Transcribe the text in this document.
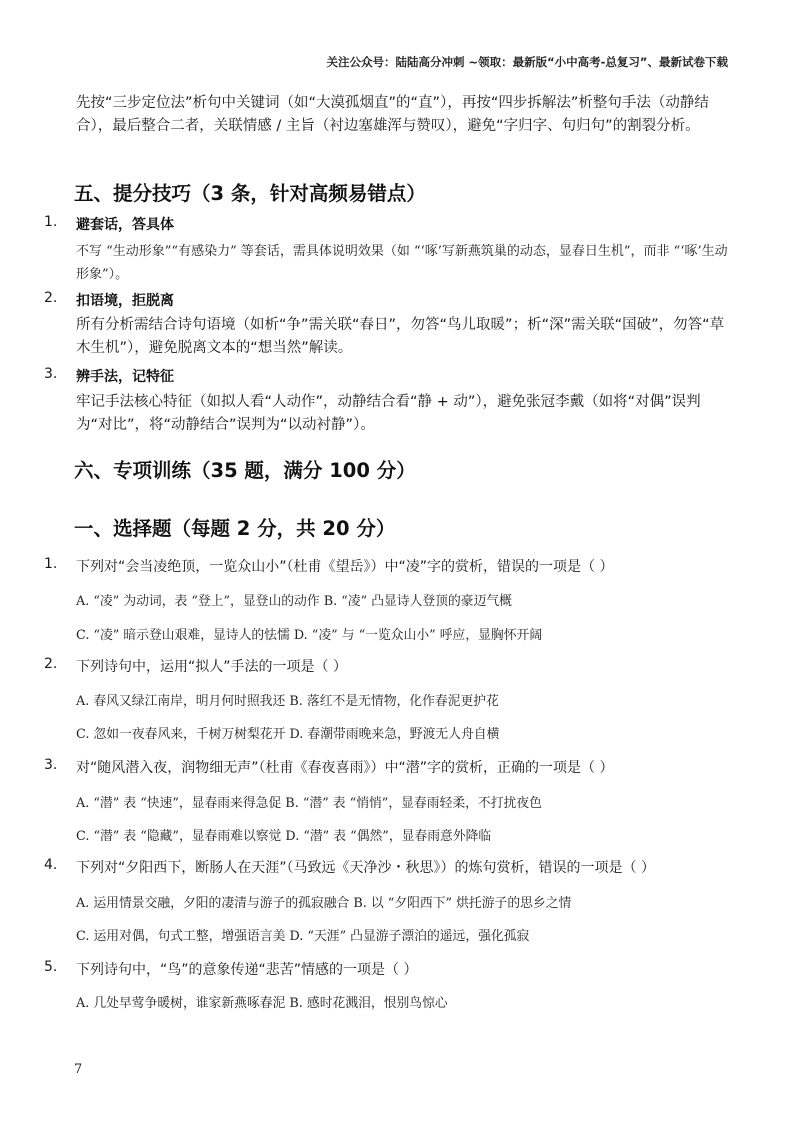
关注公众号：陆陆高分冲刺 ~领取：最新版“小中高考-总复习”、最新试卷下载
先按“三步定位法”析句中关键词（如“大漠孤烟直”的“直”），再按“四步拆解法”析整句手法（动静结合），最后整合二者，关联情感 / 主旨（衬边塞雄浑与赞叹），避免“字归字、句归句”的割裂分析。
五、提分技巧（3 条，针对高频易错点）
1. 避套话，答具体
不写 “生动形象”“有感染力” 等套话，需具体说明效果（如 “‘啄’写新燕筑巢的动态，显春日生机”，而非 “‘啄’生动形象”）。
2. 扣语境，拒脱离
所有分析需结合诗句语境（如析“争”需关联“春日”，勿答“鸟儿取暖”；析“深”需关联“国破”，勿答“草木生机”），避免脱离文本的“想当然”解读。
3. 辨手法，记特征
牢记手法核心特征（如拟人看“人动作”，动静结合看“静 + 动”），避免张冠李戴（如将“对偶”误判为“对比”，将“动静结合”误判为“以动衬静”）。
六、专项训练（35 题，满分 100 分）
一、选择题（每题 2 分，共 20 分）
1. 下列对“会当凌绝顶，一览众山小”（杜甫《望岳》）中“凌”字的赏析，错误的一项是（ ）
A. “凌” 为动词，表 “登上”，显登山的动作 B. “凌” 凸显诗人登顶的豪迈气概
C. “凌” 暗示登山艰难，显诗人的怯懦 D. “凌” 与 “一览众山小” 呼应，显胸怀开阔
2. 下列诗句中，运用“拟人”手法的一项是（ ）
A. 春风又绿江南岸，明月何时照我还 B. 落红不是无情物，化作春泥更护花
C. 忽如一夜春风来，千树万树梨花开 D. 春潮带雨晚来急，野渡无人舟自横
3. 对“随风潜入夜，润物细无声”（杜甫《春夜喜雨》）中“潜”字的赏析，正确的一项是（ ）
A. “潜” 表 “快速”，显春雨来得急促 B. “潜” 表 “悄悄”，显春雨轻柔，不打扰夜色
C. “潜” 表 “隐藏”，显春雨难以察觉 D. “潜” 表 “偶然”，显春雨意外降临
4. 下列对“夕阳西下，断肠人在天涯”（马致远《天净沙・秋思》）的炼句赏析，错误的一项是（ ）
A. 运用情景交融，夕阳的凄清与游子的孤寂融合 B. 以 “夕阳西下” 烘托游子的思乡之情
C. 运用对偶，句式工整，增强语言美 D. “天涯” 凸显游子漂泊的遥远，强化孤寂
5. 下列诗句中，“鸟”的意象传递“悲苦”情感的一项是（ ）
A. 几处早莺争暖树，谁家新燕啄春泥 B. 感时花溅泪，恨别鸟惊心
7
